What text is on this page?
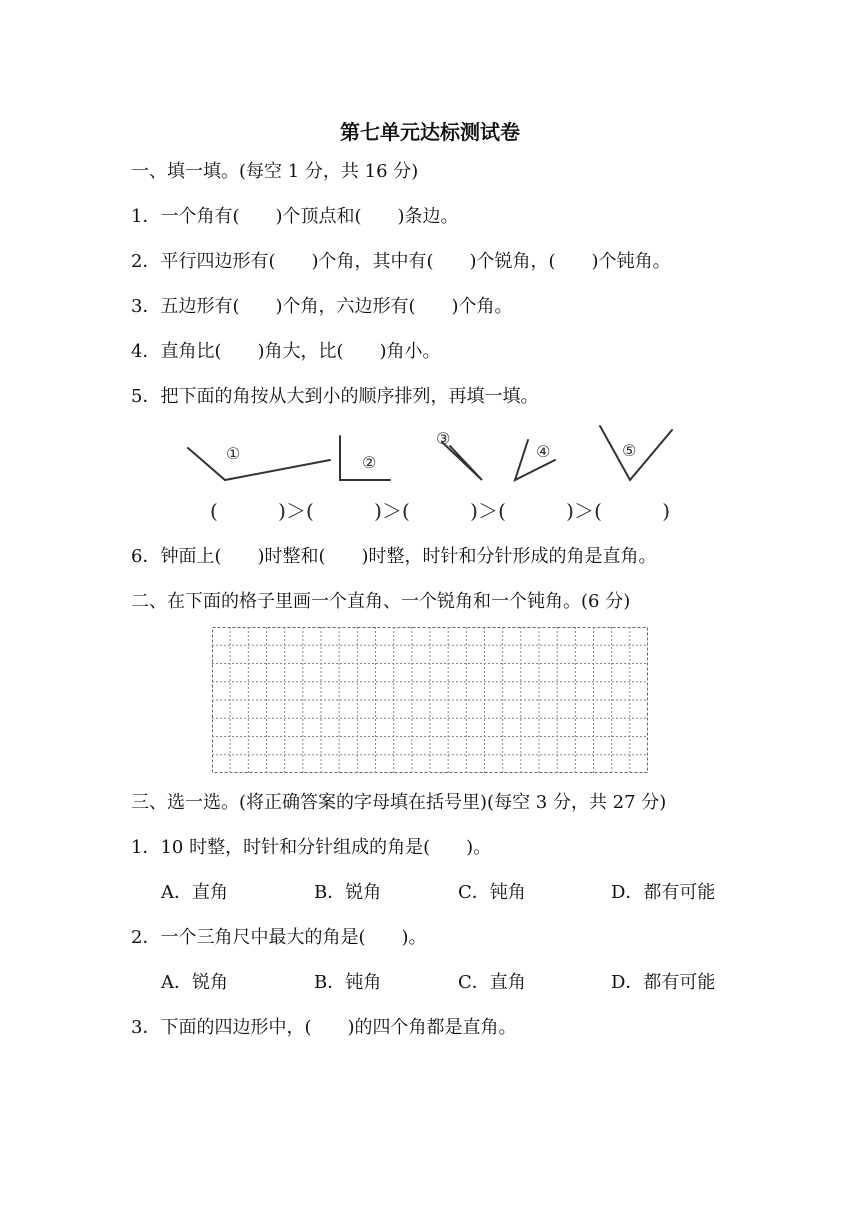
第七单元达标测试卷
一、填一填。(每空 1 分，共 16 分)
1．一个角有(　　)个顶点和(　　)条边。
2．平行四边形有(　　)个角，其中有(　　)个锐角，(　　)个钝角。
3．五边形有(　　)个角，六边形有(　　)个角。
4．直角比(　　)角大，比(　　)角小。
5．把下面的角按从大到小的顺序排列，再填一填。
①	②
③
④	⑤
(　　　)＞(　　　)＞(　　　)＞(　　　)＞(　　　)
6．钟面上(　　)时整和(　　)时整，时针和分针形成的角是直角。
二、在下面的格子里画一个直角、一个锐角和一个钝角。(6 分)
三、选一选。(将正确答案的字母填在括号里)(每空 3 分，共 27 分)
1．10 时整，时针和分针组成的角是(　　)。
A．直角	B．锐角	C．钝角	D．都有可能
2．一个三角尺中最大的角是(　　)。
A．锐角	B．钝角	C．直角	D．都有可能
3．下面的四边形中，(　　)的四个角都是直角。
